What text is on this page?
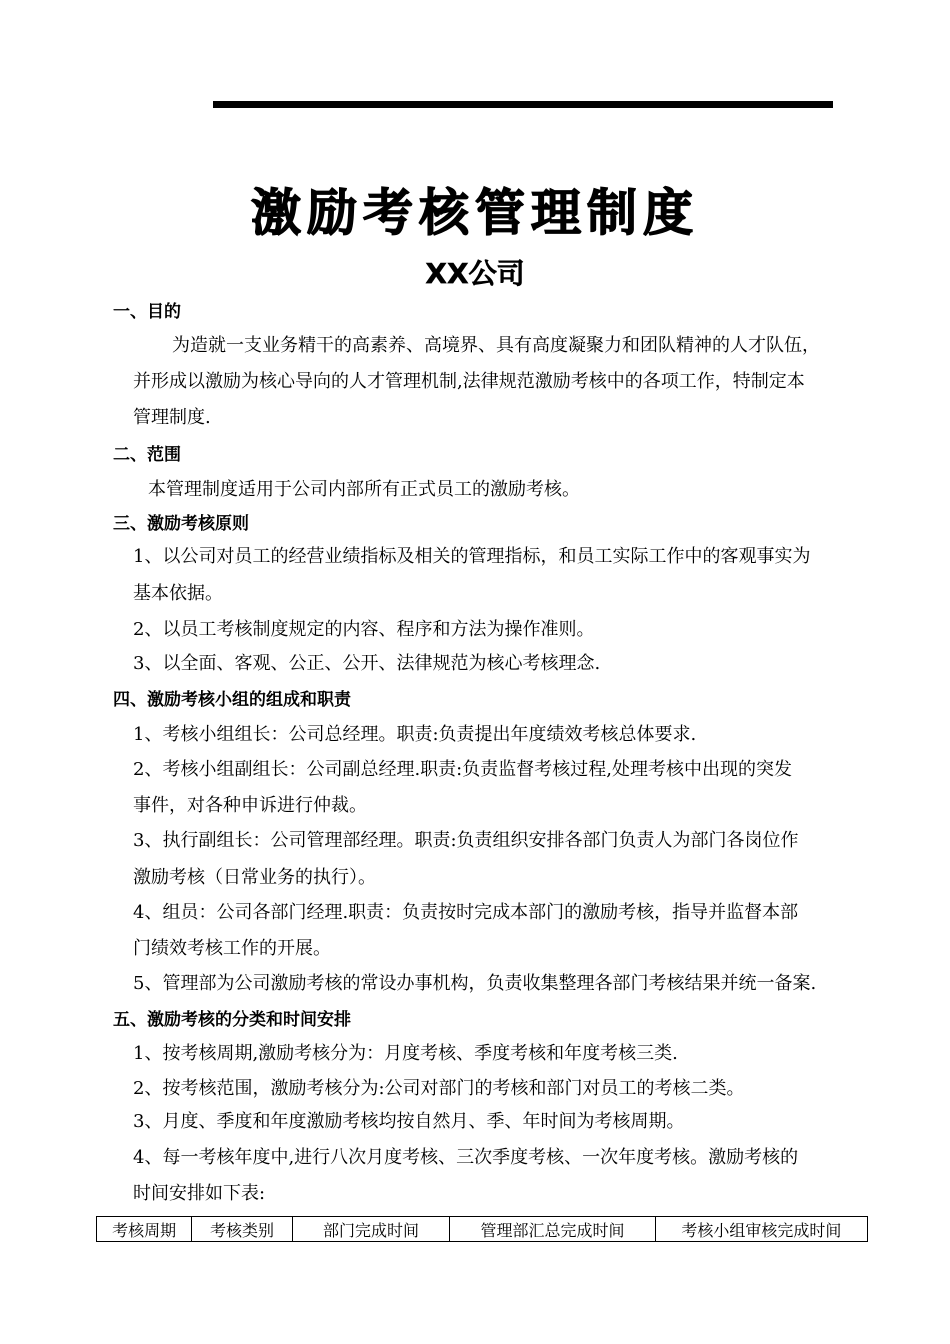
激励考核管理制度
XX公司
一、目的
为造就一支业务精干的高素养、高境界、具有高度凝聚力和团队精神的人才队伍，
并形成以激励为核心导向的人才管理机制,法律规范激励考核中的各项工作，特制定本
管理制度.
二、范围
本管理制度适用于公司内部所有正式员工的激励考核。
三、激励考核原则
1、以公司对员工的经营业绩指标及相关的管理指标，和员工实际工作中的客观事实为
基本依据。
2、以员工考核制度规定的内容、程序和方法为操作准则。
3、以全面、客观、公正、公开、法律规范为核心考核理念.
四、激励考核小组的组成和职责
1、考核小组组长：公司总经理。职责:负责提出年度绩效考核总体要求.
2、考核小组副组长：公司副总经理.职责:负责监督考核过程,处理考核中出现的突发
事件，对各种申诉进行仲裁。
3、执行副组长：公司管理部经理。职责:负责组织安排各部门负责人为部门各岗位作
激励考核（日常业务的执行）。
4、组员：公司各部门经理.职责：负责按时完成本部门的激励考核，指导并监督本部
门绩效考核工作的开展。
5、管理部为公司激励考核的常设办事机构，负责收集整理各部门考核结果并统一备案.
五、激励考核的分类和时间安排
1、按考核周期,激励考核分为：月度考核、季度考核和年度考核三类.
2、按考核范围，激励考核分为:公司对部门的考核和部门对员工的考核二类。
3、月度、季度和年度激励考核均按自然月、季、年时间为考核周期。
4、每一考核年度中,进行八次月度考核、三次季度考核、一次年度考核。激励考核的
时间安排如下表:
考核周期	考核类别	部门完成时间	管理部汇总完成时间	考核小组审核完成时间
